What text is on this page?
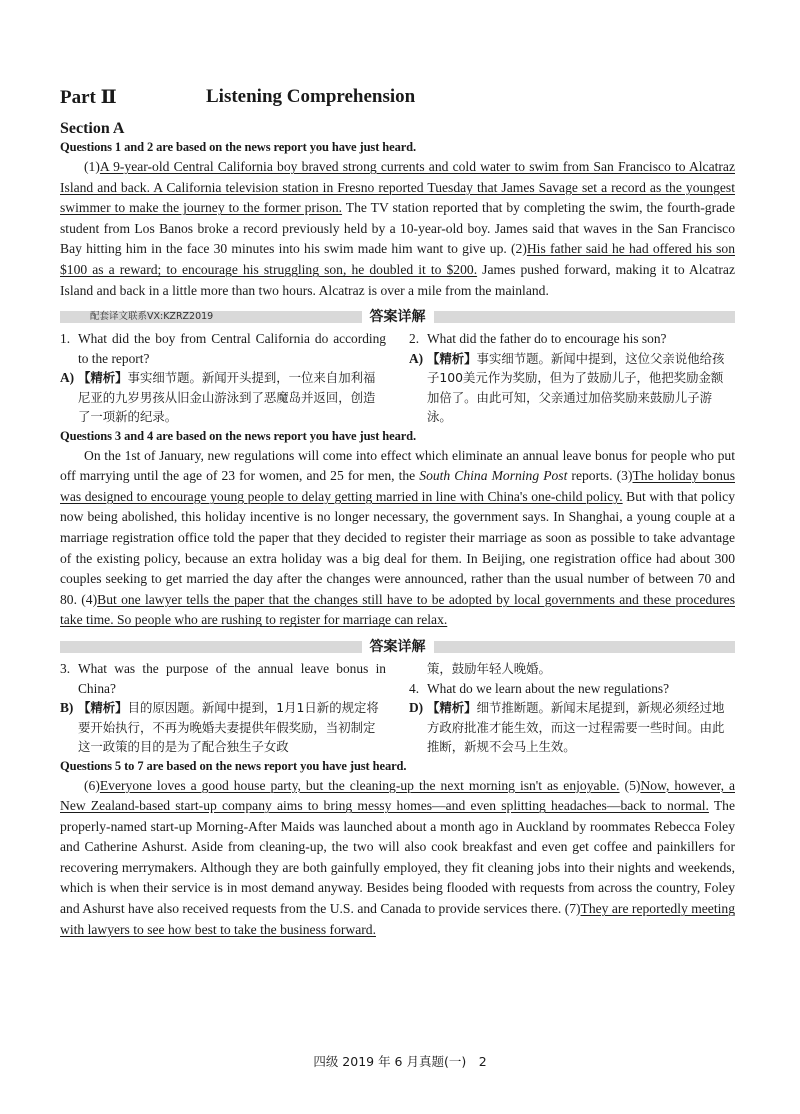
Part Ⅱ	Listening Comprehension
Section A
Questions 1 and 2 are based on the news report you have just heard.

(1)A 9-year-old Central California boy braved strong currents and cold water to swim from San Francisco to Alcatraz Island and back. A California television station in Fresno reported Tuesday that James Savage set a record as the youngest swimmer to make the journey to the former prison. The TV station reported that by completing the swim, the fourth-grade student from Los Banos broke a record previously held by a 10-year-old boy. James said that waves in the San Francisco Bay hitting him in the face 30 minutes into his swim made him want to give up. (2)His father said he had offered his son $100 as a reward; to encourage his struggling son, he doubled it to $200. James pushed forward, making it to Alcatraz Island and back in a little more than two hours. Alcatraz is over a mile from the mainland.

答案详解
1. What did the boy from Central California do according to the report?
A) 【精析】事实细节题。新闻开头提到，一位来自加利福尼亚的九岁男孩从旧金山游泳到了恶魔岛并返回，创造了一项新的纪录。
2. What did the father do to encourage his son?
A) 【精析】事实细节题。新闻中提到，这位父亲说他给孩子100美元作为奖励，但为了鼓励儿子，他把奖励金额加倍了。由此可知，父亲通过加倍奖励来鼓励儿子游泳。
Questions 3 and 4 are based on the news report you have just heard.

On the 1st of January, new regulations will come into effect which eliminate an annual leave bonus for people who put off marrying until the age of 23 for women, and 25 for men, the South China Morning Post reports. (3)The holiday bonus was designed to encourage young people to delay getting married in line with China's one-child policy. But with that policy now being abolished, this holiday incentive is no longer necessary, the government says. In Shanghai, a young couple at a marriage registration office told the paper that they decided to register their marriage as soon as possible to take advantage of the existing policy, because an extra holiday was a big deal for them. In Beijing, one registration office had about 300 couples seeking to get married the day after the changes were announced, rather than the usual number of between 70 and 80. (4)But one lawyer tells the paper that the changes still have to be adopted by local governments and these procedures take time. So people who are rushing to register for marriage can relax.

答案详解
3. What was the purpose of the annual leave bonus in China?
B) 【精析】目的原因题。新闻中提到，1月1日新的规定将要开始执行，不再为晚婚夫妻提供年假奖励，当初制定这一政策的目的是为了配合独生子女政
策，鼓励年轻人晚婚。
4. What do we learn about the new regulations?
D) 【精析】细节推断题。新闻末尾提到，新规必须经过地方政府批准才能生效，而这一过程需要一些时间。由此推断，新规不会马上生效。
Questions 5 to 7 are based on the news report you have just heard.

(6)Everyone loves a good house party, but the cleaning-up the next morning isn't as enjoyable. (5)Now, however, a New Zealand-based start-up company aims to bring messy homes—and even splitting headaches—back to normal. The properly-named start-up Morning-After Maids was launched about a month ago in Auckland by roommates Rebecca Foley and Catherine Ashurst. Aside from cleaning-up, the two will also cook breakfast and even get coffee and painkillers for recovering merrymakers. Although they are both gainfully employed, they fit cleaning jobs into their nights and weekends, which is when their service is in most demand anyway. Besides being flooded with requests from across the country, Foley and Ashurst have also received requests from the U.S. and Canada to provide services there. (7)They are reportedly meeting with lawyers to see how best to take the business forward.

配套译文联系VX:KZRZ2019
四级 2019 年 6 月真题(一)　2
